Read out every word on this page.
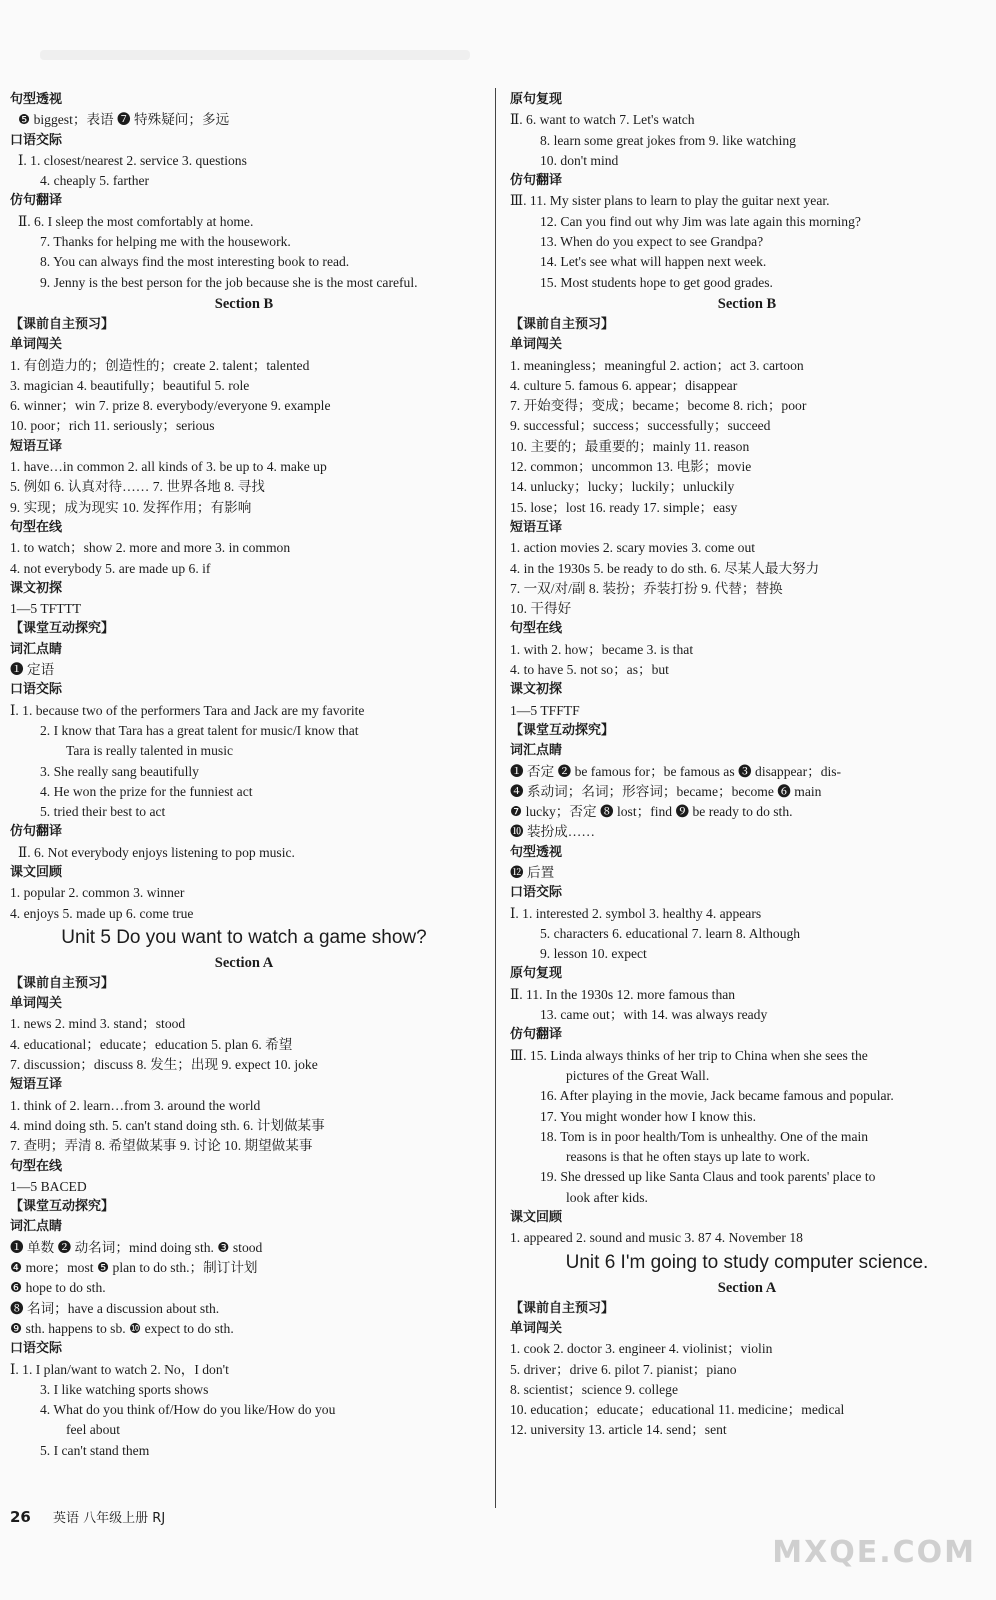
句型透视
❺ biggest；表语 ❼ 特殊疑问；多远
口语交际
Ⅰ. 1. closest/nearest 2. service 3. questions
4. cheaply 5. farther
仿句翻译
Ⅱ. 6. I sleep the most comfortably at home.
7. Thanks for helping me with the housework.
8. You can always find the most interesting book to read.
9. Jenny is the best person for the job because she is the most careful.
Section B
【课前自主预习】
单词闯关
1. 有创造力的；创造性的；create 2. talent；talented
3. magician 4. beautifully；beautiful 5. role
6. winner；win 7. prize 8. everybody/everyone 9. example
10. poor；rich 11. seriously；serious
短语互译
1. have…in common 2. all kinds of 3. be up to 4. make up
5. 例如 6. 认真对待…… 7. 世界各地 8. 寻找
9. 实现；成为现实 10. 发挥作用；有影响
句型在线
1. to watch；show 2. more and more 3. in common
4. not everybody 5. are made up 6. if
课文初探
1—5 TFTTT
【课堂互动探究】
词汇点睛
❶ 定语
口语交际
Ⅰ. 1. because two of the performers Tara and Jack are my favorite
2. I know that Tara has a great talent for music/I know that
Tara is really talented in music
3. She really sang beautifully
4. He won the prize for the funniest act
5. tried their best to act
仿句翻译
Ⅱ. 6. Not everybody enjoys listening to pop music.
课文回顾
1. popular 2. common 3. winner
4. enjoys 5. made up 6. come true
Unit 5 Do you want to watch a game show?
Section A
【课前自主预习】
单词闯关
1. news 2. mind 3. stand；stood
4. educational；educate；education 5. plan 6. 希望
7. discussion；discuss 8. 发生；出现 9. expect 10. joke
短语互译
1. think of 2. learn…from 3. around the world
4. mind doing sth. 5. can't stand doing sth. 6. 计划做某事
7. 查明；弄清 8. 希望做某事 9. 讨论 10. 期望做某事
句型在线
1—5 BACED
【课堂互动探究】
词汇点睛
❶ 单数 ❷ 动名词；mind doing sth. ❸ stood
❹ more；most ❺ plan to do sth.；制订计划
❻ hope to do sth.
❽ 名词；have a discussion about sth.
❾ sth. happens to sb. ❿ expect to do sth.
口语交际
Ⅰ. 1. I plan/want to watch 2. No，I don't
3. I like watching sports shows
4. What do you think of/How do you like/How do you
feel about
5. I can't stand them
原句复现
Ⅱ. 6. want to watch 7. Let's watch
8. learn some great jokes from 9. like watching
10. don't mind
仿句翻译
Ⅲ. 11. My sister plans to learn to play the guitar next year.
12. Can you find out why Jim was late again this morning?
13. When do you expect to see Grandpa?
14. Let's see what will happen next week.
15. Most students hope to get good grades.
Section B
【课前自主预习】
单词闯关
1. meaningless；meaningful 2. action；act 3. cartoon
4. culture 5. famous 6. appear；disappear
7. 开始变得；变成；became；become 8. rich；poor
9. successful；success；successfully；succeed
10. 主要的；最重要的；mainly 11. reason
12. common；uncommon 13. 电影；movie
14. unlucky；lucky；luckily；unluckily
15. lose；lost 16. ready 17. simple；easy
短语互译
1. action movies 2. scary movies 3. come out
4. in the 1930s 5. be ready to do sth. 6. 尽某人最大努力
7. 一双/对/副 8. 装扮；乔装打扮 9. 代替；替换
10. 干得好
句型在线
1. with 2. how；became 3. is that
4. to have 5. not so；as；but
课文初探
1—5 TFFTF
【课堂互动探究】
词汇点睛
❶ 否定 ❷ be famous for；be famous as ❸ disappear；dis-
❹ 系动词；名词；形容词；became；become ❻ main
❼ lucky；否定 ❽ lost；find ❾ be ready to do sth.
❿ 装扮成……
句型透视
⓬ 后置
口语交际
Ⅰ. 1. interested 2. symbol 3. healthy 4. appears
5. characters 6. educational 7. learn 8. Although
9. lesson 10. expect
原句复现
Ⅱ. 11. In the 1930s 12. more famous than
13. came out；with 14. was always ready
仿句翻译
Ⅲ. 15. Linda always thinks of her trip to China when she sees the
pictures of the Great Wall.
16. After playing in the movie, Jack became famous and popular.
17. You might wonder how I know this.
18. Tom is in poor health/Tom is unhealthy. One of the main
reasons is that he often stays up late to work.
19. She dressed up like Santa Claus and took parents' place to
look after kids.
课文回顾
1. appeared 2. sound and music 3. 87 4. November 18
Unit 6 I'm going to study computer science.
Section A
【课前自主预习】
单词闯关
1. cook 2. doctor 3. engineer 4. violinist；violin
5. driver；drive 6. pilot 7. pianist；piano
8. scientist；science 9. college
10. education；educate；educational 11. medicine；medical
12. university 13. article 14. send；sent
26 英语 八年级上册 RJ
MXQE.COM
